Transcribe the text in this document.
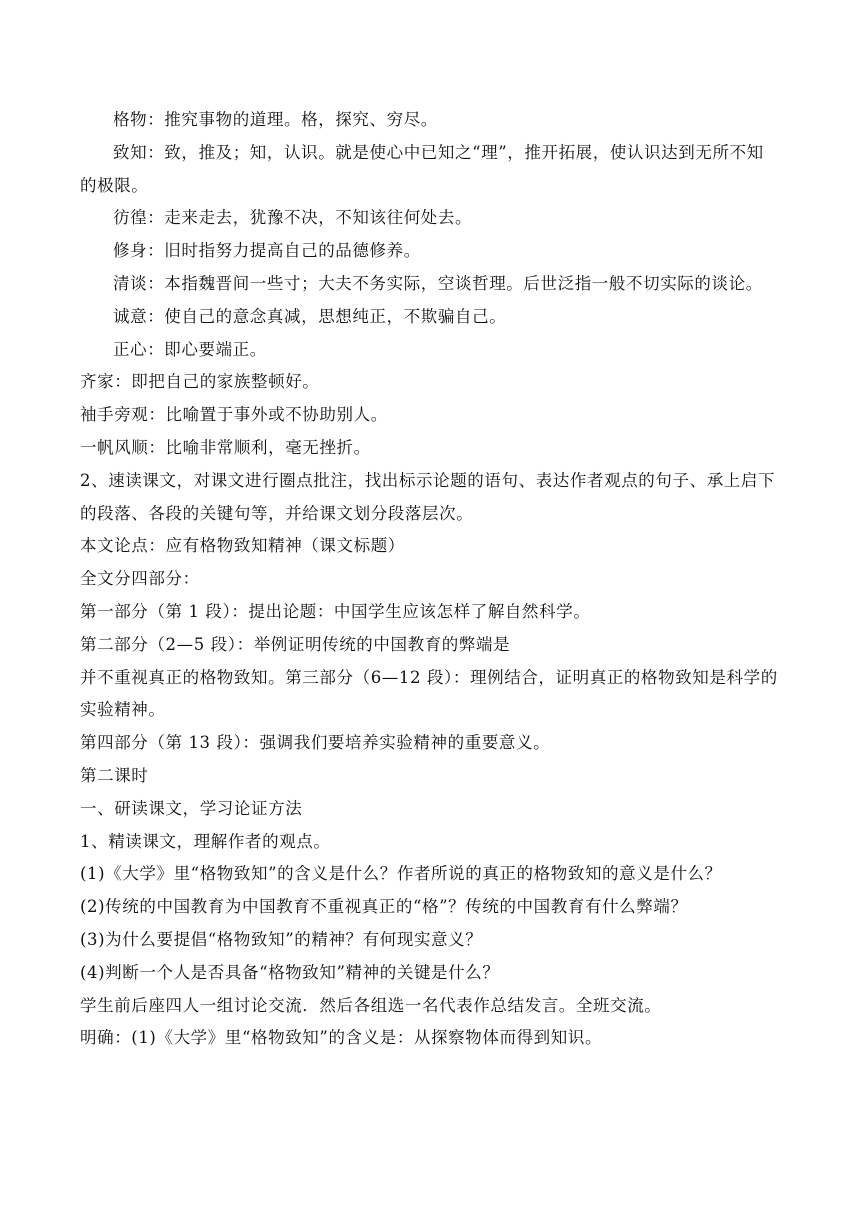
格物：推究事物的道理。格，探究、穷尽。
致知：致，推及；知，认识。就是使心中已知之“理”，推开拓展，使认识达到无所不知
的极限。
彷徨：走来走去，犹豫不决，不知该往何处去。
修身：旧时指努力提高自己的品德修养。
清谈：本指魏晋间一些寸；大夫不务实际，空谈哲理。后世泛指一般不切实际的谈论。
诚意：使自己的意念真减，思想纯正，不欺骗自己。
正心：即心要端正。
齐家：即把自己的家族整顿好。
袖手旁观：比喻置于事外或不协助别人。
一帆风顺：比喻非常顺利，毫无挫折。
2、速读课文，对课文进行圈点批注，找出标示论题的语句、表达作者观点的句子、承上启下
的段落、各段的关键句等，并给课文划分段落层次。
本文论点：应有格物致知精神（课文标题）
全文分四部分：
第一部分（第 1 段）：提出论题：中国学生应该怎样了解自然科学。
第二部分（2—5 段）：举例证明传统的中国教育的弊端是
并不重视真正的格物致知。第三部分（6—12 段）：理例结合，证明真正的格物致知是科学的
实验精神。
第四部分（第 13 段）：强调我们要培养实验精神的重要意义。
第二课时
一、研读课文，学习论证方法
1、精读课文，理解作者的观点。
(1)《大学》里“格物致知”的含义是什么？作者所说的真正的格物致知的意义是什么？
(2)传统的中国教育为中国教育不重视真正的“格”？传统的中国教育有什么弊端？
(3)为什么要提倡“格物致知”的精神？有何现实意义？
(4)判断一个人是否具备“格物致知”精神的关键是什么？
学生前后座四人一组讨论交流．然后各组选一名代表作总结发言。全班交流。
明确：(1)《大学》里“格物致知”的含义是：从探察物体而得到知识。
